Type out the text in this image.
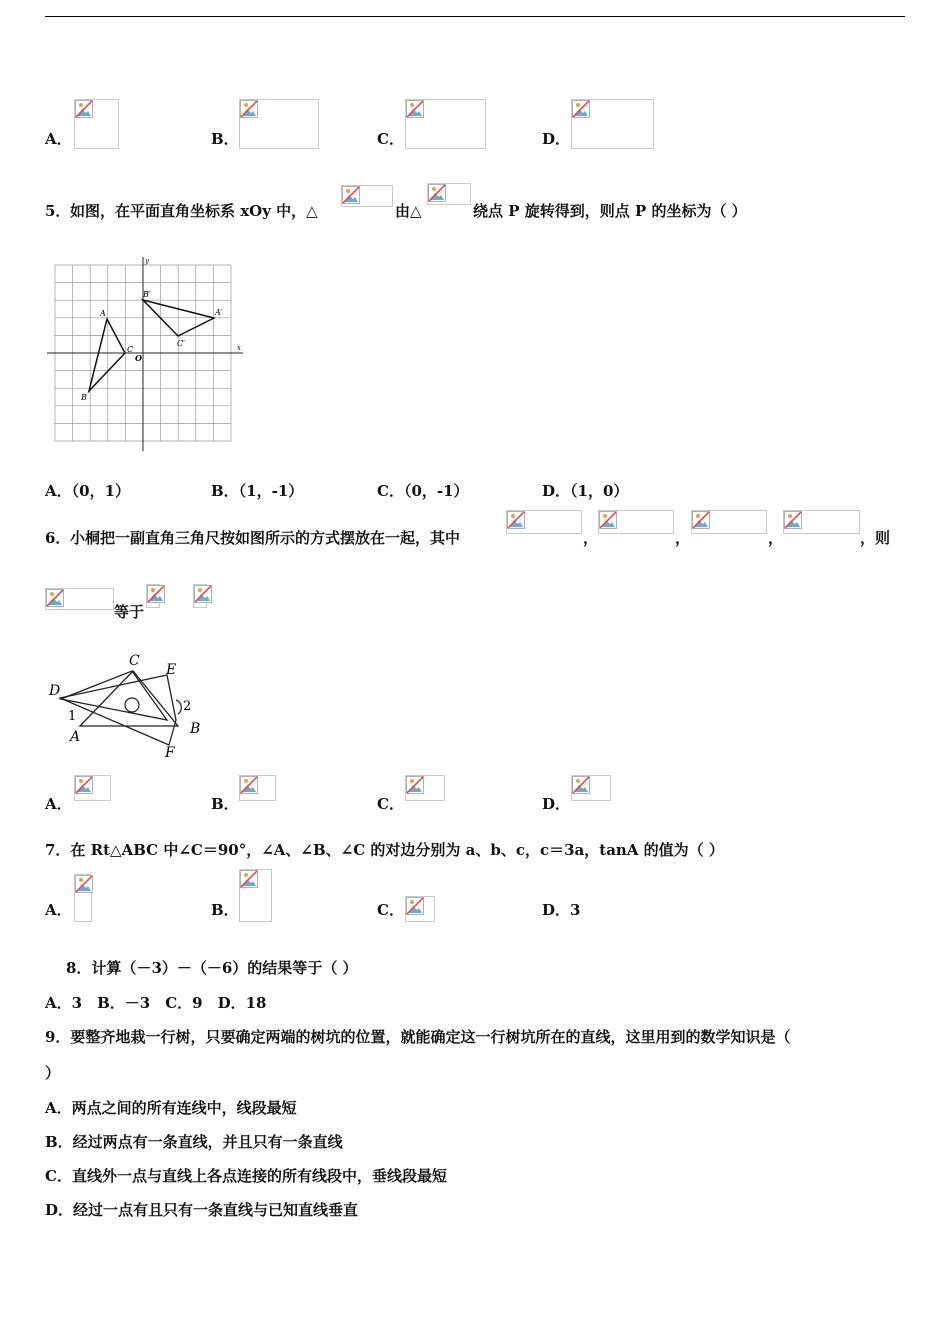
A．	B．	C．	D．
5． 如图，在平面直角坐标系 xOy 中，△	由△	绕点 P 旋转得到，则点 P 的坐标为（ ）
A
B
C
B′
A′
C′
O
x
y
A．（0，1）	B．（1，-1）	C．（0，-1）	D．（1，0）
6． 小桐把一副直角三角尺按如图所示的方式摆放在一起，其中	，	，	，	，则
等于
C
E
D
1
2
A	B
F
A．	B．	C．	D．
7．在 Rt△ABC 中∠C＝90°，∠A、∠B、∠C 的对边分别为 a、b、c，c＝3a，tanA 的值为（ ）
A．	B．	C．	D．3
8．计算（－3）－（－6）的结果等于（ ）
A．3　B．－3　C．9　D．18
9．要整齐地栽一行树，只要确定两端的树坑的位置，就能确定这一行树坑所在的直线，这里用到的数学知识是（
）
A．两点之间的所有连线中，线段最短
B．经过两点有一条直线，并且只有一条直线
C．直线外一点与直线上各点连接的所有线段中，垂线段最短
D．经过一点有且只有一条直线与已知直线垂直
